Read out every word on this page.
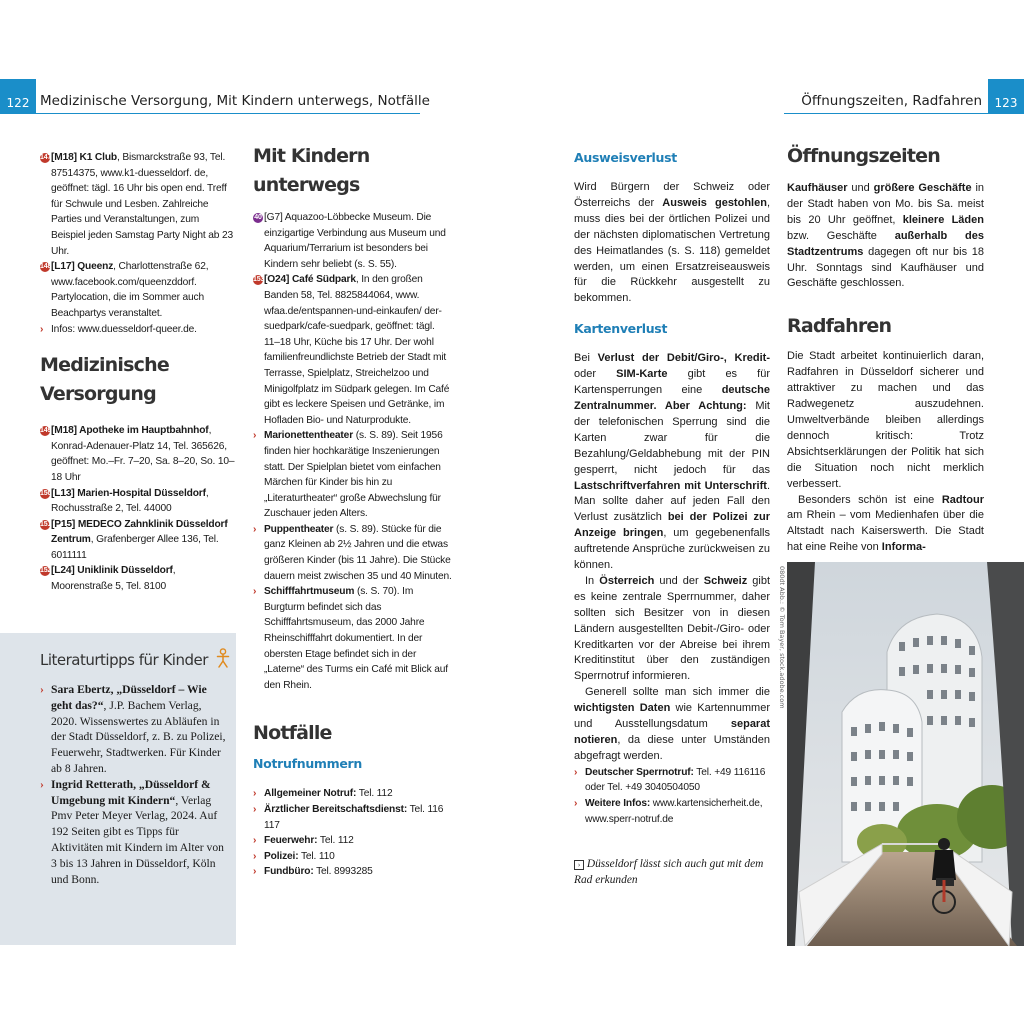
122 Medizinische Versorgung, Mit Kindern unterwegs, Notfälle	Öffnungszeiten, Radfahren	123

147[M18] K1 Club, Bismarckstraße 93, Tel. 87514375, www.k1-duesseldorf. de, geöffnet: tägl. 16 Uhr bis open end. Treff für Schwule und Lesben. Zahlreiche Parties und Veranstaltungen, zum Beispiel jeden Samstag Party Night ab 23 Uhr.

148[L17] Queenz, Charlottenstraße 62, www.facebook.com/queenzddorf. Partylocation, die im Sommer auch Beachpartys veranstaltet.

› Infos: www.duesseldorf-queer.de.

Medizinische Versorgung

149[M18] Apotheke im Hauptbahnhof, Konrad-Adenauer-Platz 14, Tel. 365626, geöffnet: Mo.–Fr. 7–20, Sa. 8–20, So. 10–18 Uhr

150[L13] Marien-Hospital Düsseldorf, Rochusstraße 2, Tel. 44000

151[P15] MEDECO Zahnklinik Düsseldorf Zentrum, Grafenberger Allee 136, Tel. 6011111

152[L24] Uniklinik Düsseldorf, Moorenstraße 5, Tel. 8100

Literaturtipps für Kinder

› Sara Ebertz, „Düsseldorf – Wie geht das?“, J.P. Bachem Verlag, 2020. Wissenswertes zu Abläufen in der Stadt Düsseldorf, z. B. zu Polizei, Feuerwehr, Stadtwerken. Für Kinder ab 8 Jahren.

› Ingrid Retterath, „Düsseldorf & Umgebung mit Kindern“, Verlag Pmv Peter Meyer Verlag, 2024. Auf 192 Seiten gibt es Tipps für Aktivitäten mit Kindern im Alter von 3 bis 13 Jahren in Düsseldorf, Köln und Bonn.

Mit Kindern unterwegs

40 [G7] Aquazoo-Löbbecke Museum. Die einzigartige Verbindung aus Museum und Aquarium/Terrarium ist besonders bei Kindern sehr beliebt (s. S. 55).

153[O24] Café Südpark, In den großen Banden 58, Tel. 8825844064, www. wfaa.de/entspannen-und-einkaufen/ der-suedpark/cafe-suedpark, geöffnet: tägl. 11–18 Uhr, Küche bis 17 Uhr. Der wohl familienfreundlichste Betrieb der Stadt mit Terrasse, Spielplatz, Streichelzoo und Minigolfplatz im Südpark gelegen. Im Café gibt es leckere Speisen und Getränke, im Hofladen Bio- und Naturprodukte.

› Marionettentheater (s. S. 89). Seit 1956 finden hier hochkarätige Inszenierungen statt. Der Spielplan bietet vom einfachen Märchen für Kinder bis hin zu „Literaturtheater“ große Abwechslung für Zuschauer jeden Alters.

› Puppentheater (s. S. 89). Stücke für die ganz Kleinen ab 2½ Jahren und die etwas größeren Kinder (bis 11 Jahre). Die Stücke dauern meist zwischen 35 und 40 Minuten.

› Schifffahrtmuseum (s. S. 70). Im Burgturm befindet sich das Schifffahrtsmuseum, das 2000 Jahre Rheinschifffahrt dokumentiert. In der obersten Etage befindet sich in der „Laterne“ des Turms ein Café mit Blick auf den Rhein.

Notfälle
Notrufnummern

› Allgemeiner Notruf: Tel. 112

› Ärztlicher Bereitschaftsdienst: Tel. 116 117

› Feuerwehr: Tel. 112

› Polizei: Tel. 110

› Fundbüro: Tel. 8993285

Ausweisverlust

Wird Bürgern der Schweiz oder Österreichs der Ausweis gestohlen, muss dies bei der örtlichen Polizei und der nächsten diplomatischen Vertretung des Heimatlandes (s. S. 118) gemeldet werden, um einen Ersatzreiseausweis für die Rückkehr ausgestellt zu bekommen.

Kartenverlust

Bei Verlust der Debit/Giro-, Kredit- oder SIM-Karte gibt es für Kartensperrungen eine deutsche Zentralnummer. Aber Achtung: Mit der telefonischen Sperrung sind die Karten zwar für die Bezahlung/Geldabhebung mit der PIN gesperrt, nicht jedoch für das Lastschriftverfahren mit Unterschrift. Man sollte daher auf jeden Fall den Verlust zusätzlich bei der Polizei zur Anzeige bringen, um gegebenenfalls auftretende Ansprüche zurückweisen zu können.

In Österreich und der Schweiz gibt es keine zentrale Sperrnummer, daher sollten sich Besitzer von in diesen Ländern ausgestellten Debit-/Giro- oder Kreditkarten vor der Abreise bei ihrem Kreditinstitut über den zuständigen Sperrnotruf informieren.

Generell sollte man sich immer die wichtigsten Daten wie Kartennummer und Ausstellungsdatum separat notieren, da diese unter Umständen abgefragt werden.

› Deutscher Sperrnotruf: Tel. +49 116116 oder Tel. +49 3040504050

› Weitere Infos: www.kartensicherheit.de, www.sperr-notruf.de

› Düsseldorf lässt sich auch gut mit dem Rad erkunden
080dt Abb.: © Tom Bayer, stock.adobe.com
Öffnungszeiten

Kaufhäuser und größere Geschäfte in der Stadt haben von Mo. bis Sa. meist bis 20 Uhr geöffnet, kleinere Läden bzw. Geschäfte außerhalb des Stadtzentrums dagegen oft nur bis 18 Uhr. Sonntags sind Kaufhäuser und Geschäfte geschlossen.

Radfahren

Die Stadt arbeitet kontinuierlich daran, Radfahren in Düsseldorf sicherer und attraktiver zu machen und das Radwegenetz auszudehnen. Umweltverbände bleiben allerdings dennoch kritisch: Trotz Absichtserklärungen der Politik hat sich die Situation noch nicht merklich verbessert.

Besonders schön ist eine Radtour am Rhein – vom Medienhafen über die Altstadt nach Kaiserswerth. Die Stadt hat eine Reihe von Informa-
